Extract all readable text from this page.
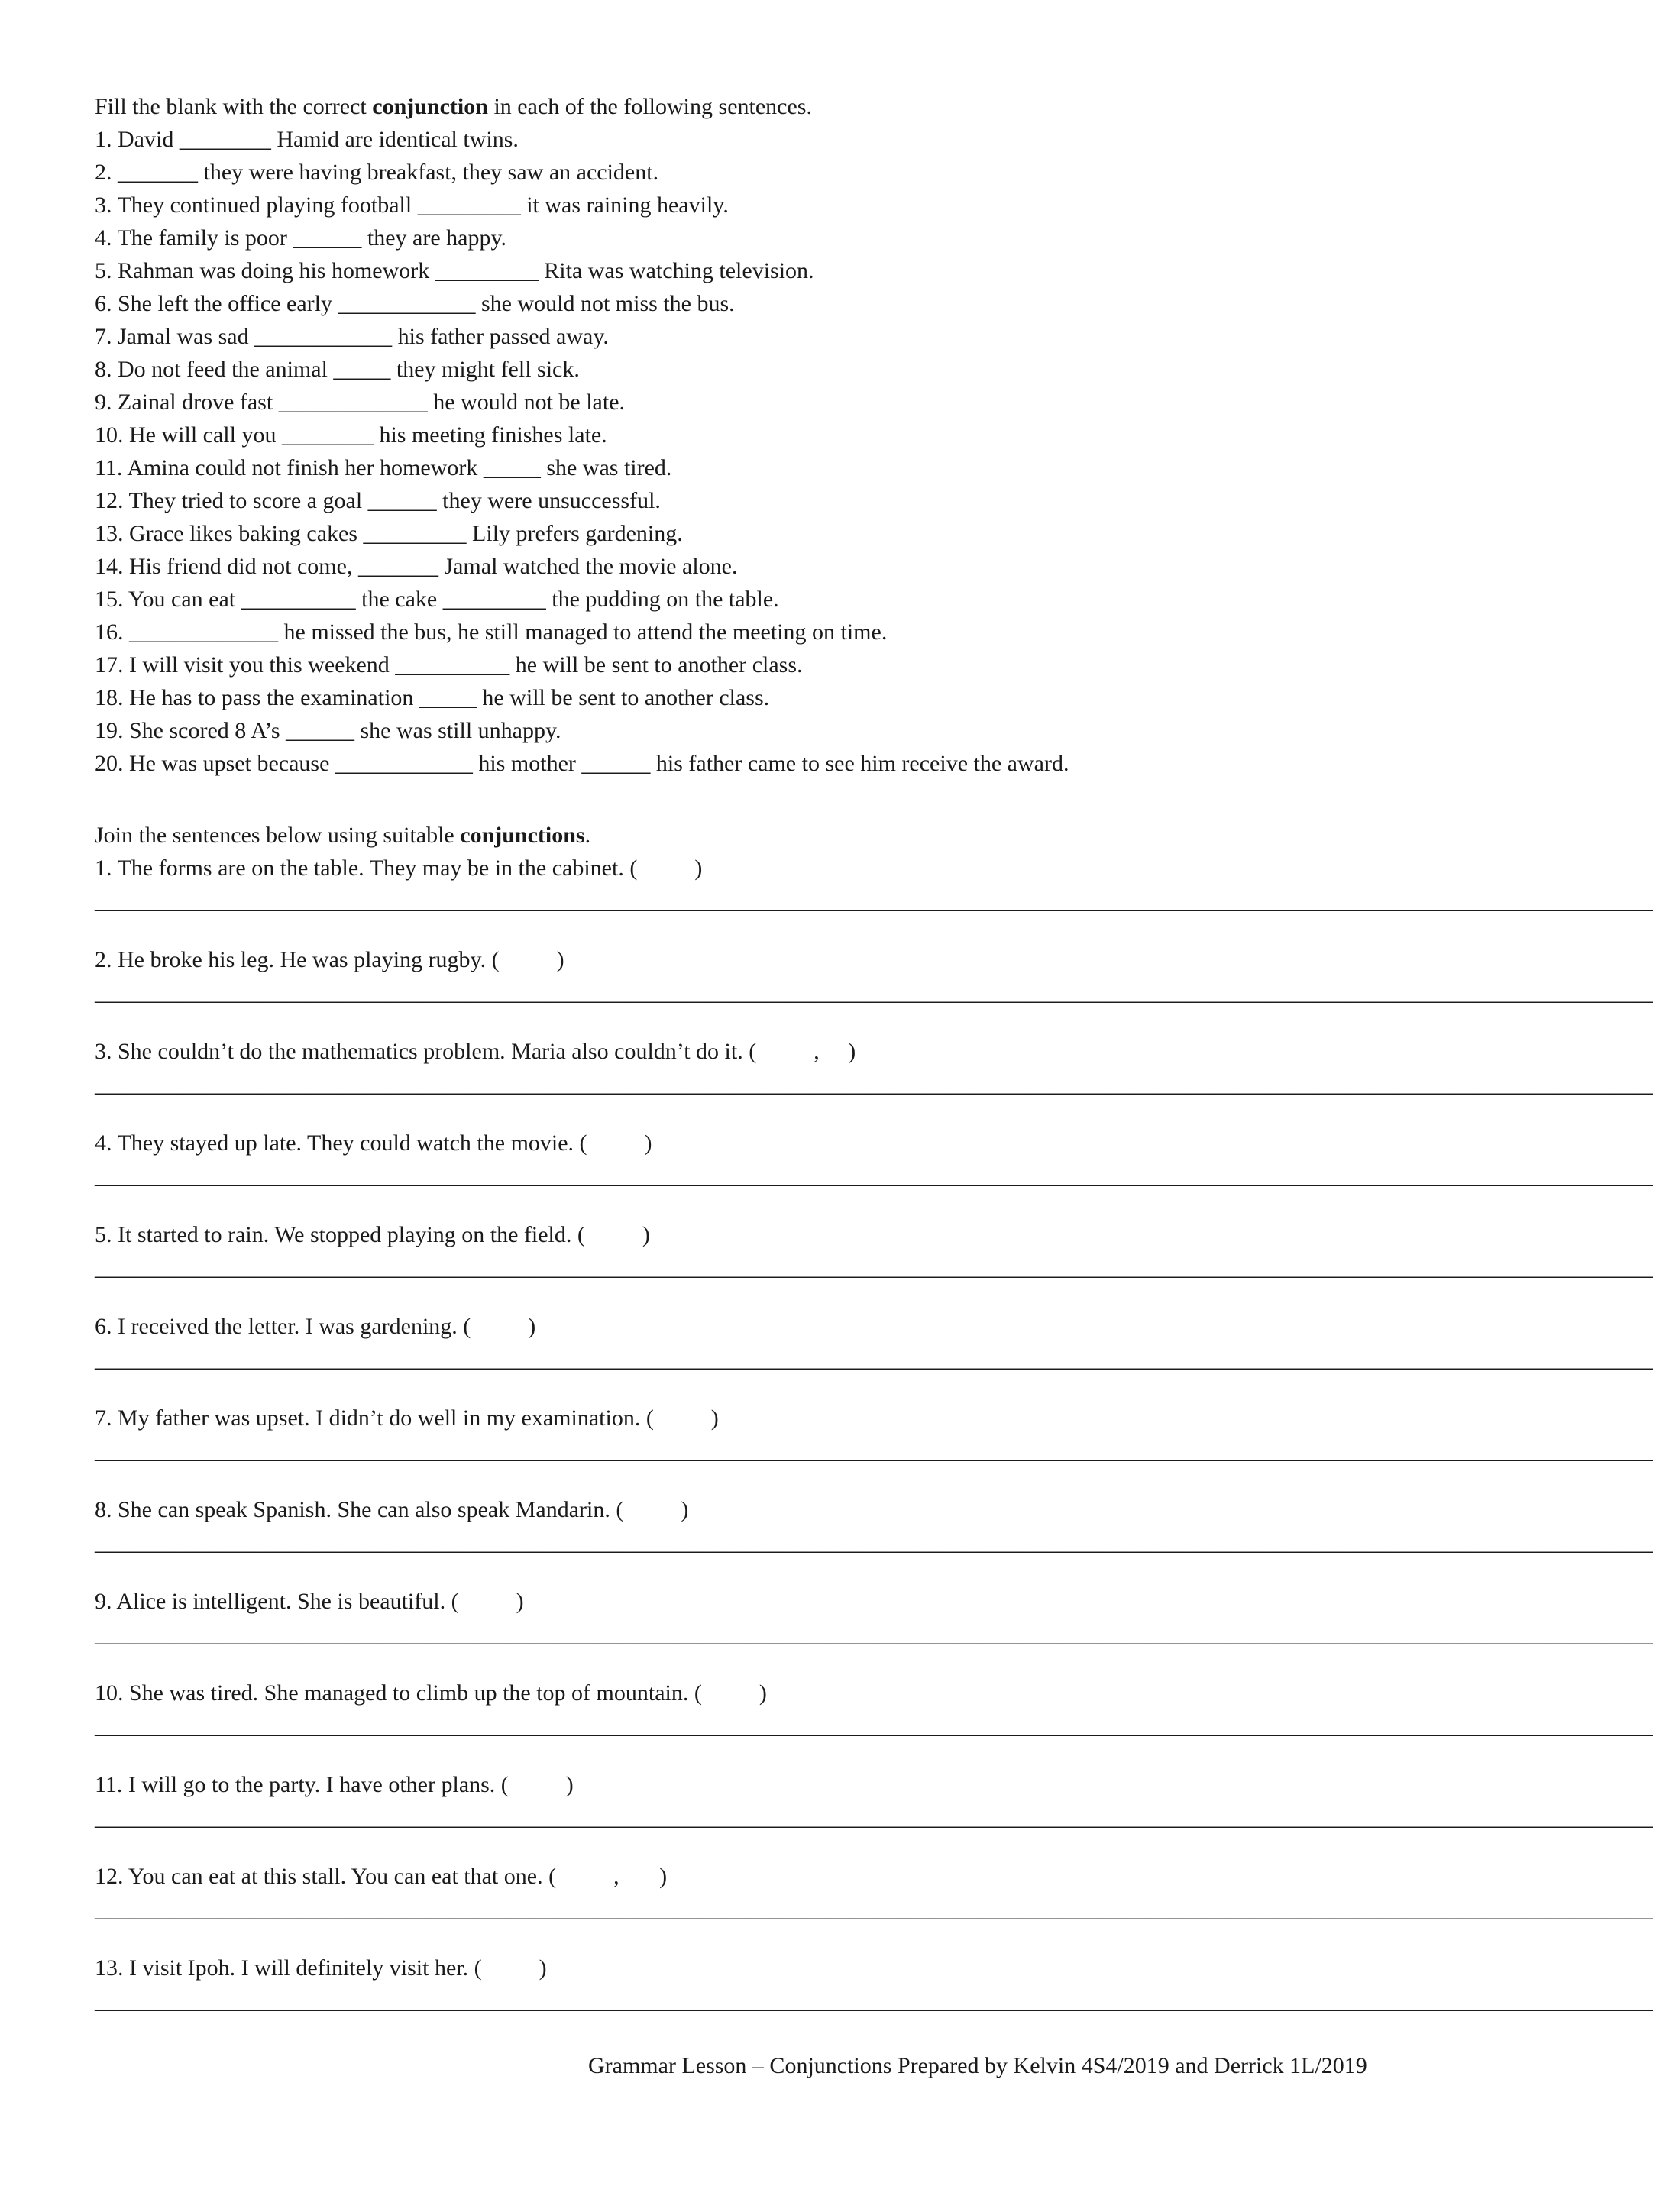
Fill the blank with the correct conjunction in each of the following sentences.
1. David ________ Hamid are identical twins.
2. _______ they were having breakfast, they saw an accident.
3. They continued playing football _________ it was raining heavily.
4. The family is poor ______ they are happy.
5. Rahman was doing his homework _________ Rita was watching television.
6. She left the office early ____________ she would not miss the bus.
7. Jamal was sad ____________ his father passed away.
8. Do not feed the animal _____ they might fell sick.
9. Zainal drove fast _____________ he would not be late.
10. He will call you ________ his meeting finishes late.
11. Amina could not finish her homework _____ she was tired.
12. They tried to score a goal ______ they were unsuccessful.
13. Grace likes baking cakes _________ Lily prefers gardening.
14. His friend did not come, _______ Jamal watched the movie alone.
15. You can eat __________ the cake _________ the pudding on the table.
16. _____________ he missed the bus, he still managed to attend the meeting on time.
17. I will visit you this weekend __________ he will be sent to another class.
18. He has to pass the examination _____ he will be sent to another class.
19. She scored 8 A’s ______ she was still unhappy.
20. He was upset because ____________ his mother ______ his father came to see him receive the award.
Join the sentences below using suitable conjunctions.
1. The forms are on the table. They may be in the cabinet. (          )
________________________________________________________________________________________________________________________________________
2. He broke his leg. He was playing rugby. (          )
________________________________________________________________________________________________________________________________________
3. She couldn’t do the mathematics problem. Maria also couldn’t do it. (          ,     )
________________________________________________________________________________________________________________________________________
4. They stayed up late. They could watch the movie. (          )
________________________________________________________________________________________________________________________________________
5. It started to rain. We stopped playing on the field. (          )
________________________________________________________________________________________________________________________________________
6. I received the letter. I was gardening. (          )
________________________________________________________________________________________________________________________________________
7. My father was upset. I didn’t do well in my examination. (          )
________________________________________________________________________________________________________________________________________
8. She can speak Spanish. She can also speak Mandarin. (          )
________________________________________________________________________________________________________________________________________
9. Alice is intelligent. She is beautiful. (          )
________________________________________________________________________________________________________________________________________
10. She was tired. She managed to climb up the top of mountain. (          )
________________________________________________________________________________________________________________________________________
11. I will go to the party. I have other plans. (          )
________________________________________________________________________________________________________________________________________
12. You can eat at this stall. You can eat that one. (          ,       )
________________________________________________________________________________________________________________________________________
13. I visit Ipoh. I will definitely visit her. (          )
________________________________________________________________________________________________________________________________________
Grammar Lesson – Conjunctions Prepared by Kelvin 4S4/2019 and Derrick 1L/2019
